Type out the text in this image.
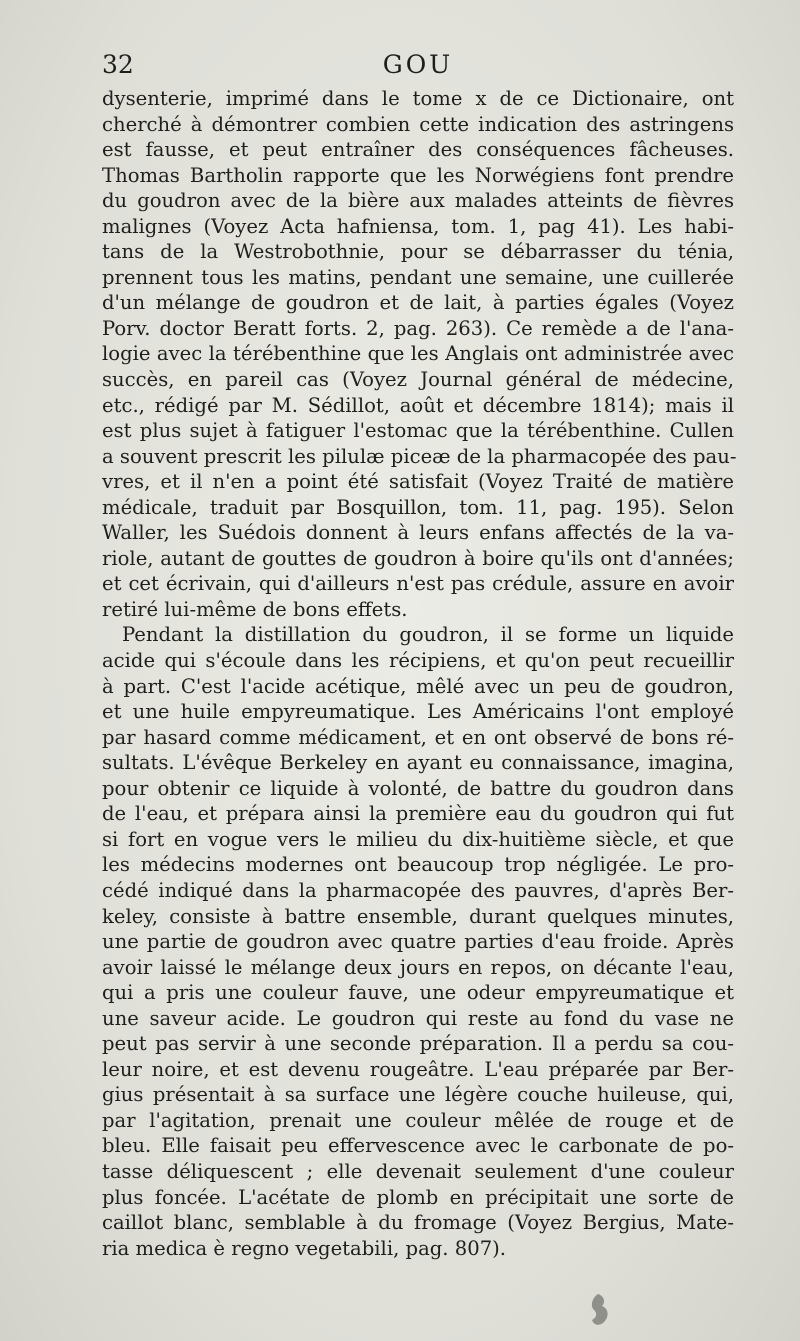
32	GOU
dysenterie, imprimé dans le tome x de ce Dictionaire, ont
cherché à démontrer combien cette indication des astringens
est fausse, et peut entraîner des conséquences fâcheuses.
Thomas Bartholin rapporte que les Norwégiens font prendre
du goudron avec de la bière aux malades atteints de fièvres
malignes (Voyez Acta hafniensa, tom. 1, pag 41). Les habi-
tans de la Westrobothnie, pour se débarrasser du ténia,
prennent tous les matins, pendant une semaine, une cuillerée
d'un mélange de goudron et de lait, à parties égales (Voyez
Porv. doctor Beratt forts. 2, pag. 263). Ce remède a de l'ana-
logie avec la térébenthine que les Anglais ont administrée avec
succès, en pareil cas (Voyez Journal général de médecine,
etc., rédigé par M. Sédillot, août et décembre 1814); mais il
est plus sujet à fatiguer l'estomac que la térébenthine. Cullen
a souvent prescrit les pilulæ piceæ de la pharmacopée des pau-
vres, et il n'en a point été satisfait (Voyez Traité de matière
médicale, traduit par Bosquillon, tom. 11, pag. 195). Selon
Waller, les Suédois donnent à leurs enfans affectés de la va-
riole, autant de gouttes de goudron à boire qu'ils ont d'années;
et cet écrivain, qui d'ailleurs n'est pas crédule, assure en avoir
retiré lui-même de bons effets.
Pendant la distillation du goudron, il se forme un liquide
acide qui s'écoule dans les récipiens, et qu'on peut recueillir
à part. C'est l'acide acétique, mêlé avec un peu de goudron,
et une huile empyreumatique. Les Américains l'ont employé
par hasard comme médicament, et en ont observé de bons ré-
sultats. L'évêque Berkeley en ayant eu connaissance, imagina,
pour obtenir ce liquide à volonté, de battre du goudron dans
de l'eau, et prépara ainsi la première eau du goudron qui fut
si fort en vogue vers le milieu du dix-huitième siècle, et que
les médecins modernes ont beaucoup trop négligée. Le pro-
cédé indiqué dans la pharmacopée des pauvres, d'après Ber-
keley, consiste à battre ensemble, durant quelques minutes,
une partie de goudron avec quatre parties d'eau froide. Après
avoir laissé le mélange deux jours en repos, on décante l'eau,
qui a pris une couleur fauve, une odeur empyreumatique et
une saveur acide. Le goudron qui reste au fond du vase ne
peut pas servir à une seconde préparation. Il a perdu sa cou-
leur noire, et est devenu rougeâtre. L'eau préparée par Ber-
gius présentait à sa surface une légère couche huileuse, qui,
par l'agitation, prenait une couleur mêlée de rouge et de
bleu. Elle faisait peu effervescence avec le carbonate de po-
tasse déliquescent ; elle devenait seulement d'une couleur
plus foncée. L'acétate de plomb en précipitait une sorte de
caillot blanc, semblable à du fromage (Voyez Bergius, Mate-
ria medica è regno vegetabili, pag. 807).
